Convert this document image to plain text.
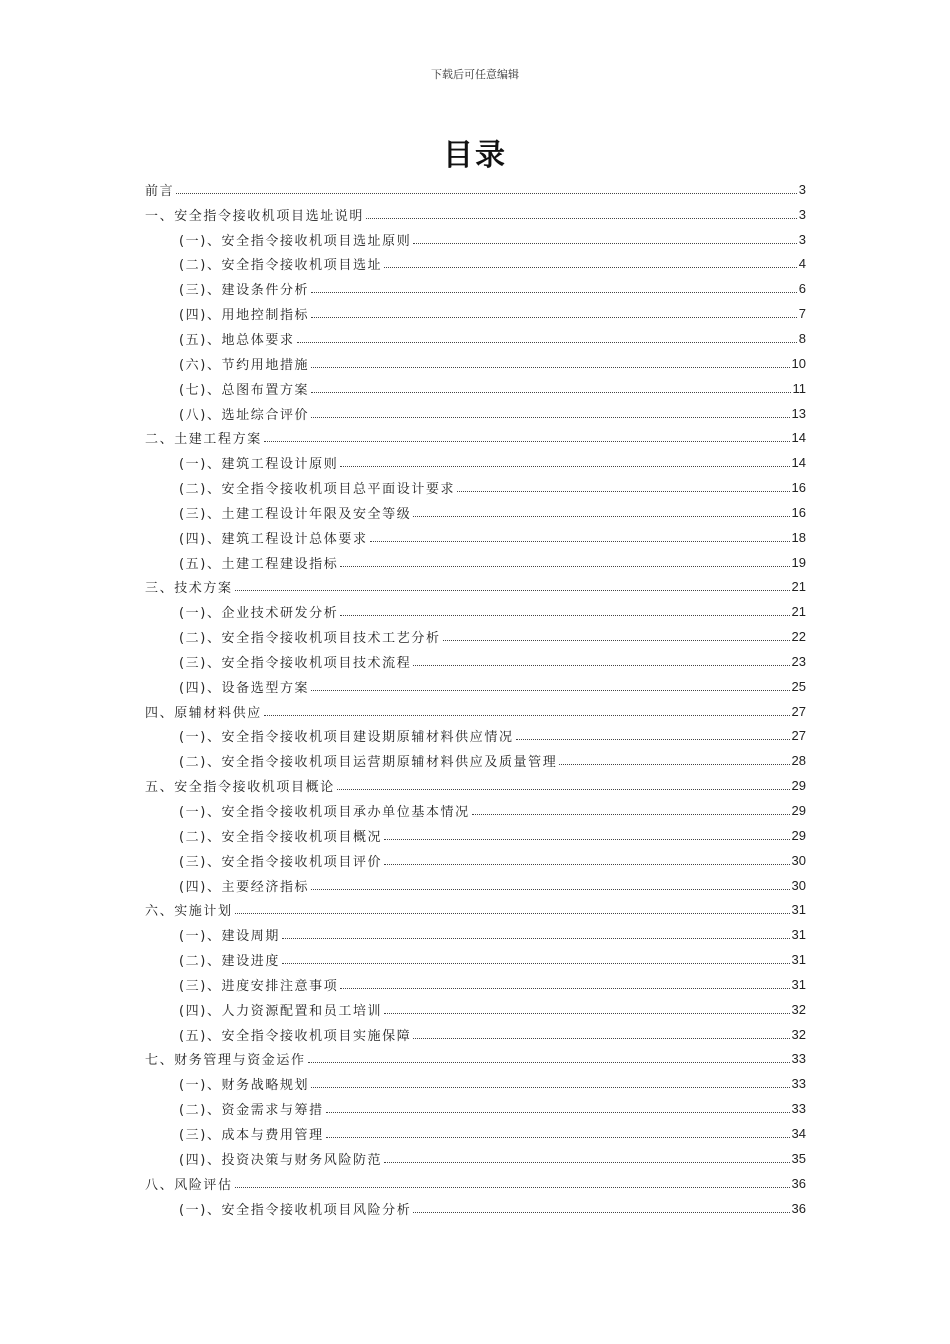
下载后可任意编辑
目录
前言	3
一、安全指令接收机项目选址说明	3
(一)、安全指令接收机项目选址原则	3
(二)、安全指令接收机项目选址	4
(三)、建设条件分析	6
(四)、用地控制指标	7
(五)、地总体要求	8
(六)、节约用地措施	10
(七)、总图布置方案	11
(八)、选址综合评价	13
二、土建工程方案	14
(一)、建筑工程设计原则	14
(二)、安全指令接收机项目总平面设计要求	16
(三)、土建工程设计年限及安全等级	16
(四)、建筑工程设计总体要求	18
(五)、土建工程建设指标	19
三、技术方案	21
(一)、企业技术研发分析	21
(二)、安全指令接收机项目技术工艺分析	22
(三)、安全指令接收机项目技术流程	23
(四)、设备选型方案	25
四、原辅材料供应	27
(一)、安全指令接收机项目建设期原辅材料供应情况	27
(二)、安全指令接收机项目运营期原辅材料供应及质量管理	28
五、安全指令接收机项目概论	29
(一)、安全指令接收机项目承办单位基本情况	29
(二)、安全指令接收机项目概况	29
(三)、安全指令接收机项目评价	30
(四)、主要经济指标	30
六、实施计划	31
(一)、建设周期	31
(二)、建设进度	31
(三)、进度安排注意事项	31
(四)、人力资源配置和员工培训	32
(五)、安全指令接收机项目实施保障	32
七、财务管理与资金运作	33
(一)、财务战略规划	33
(二)、资金需求与筹措	33
(三)、成本与费用管理	34
(四)、投资决策与财务风险防范	35
八、风险评估	36
(一)、安全指令接收机项目风险分析	36
